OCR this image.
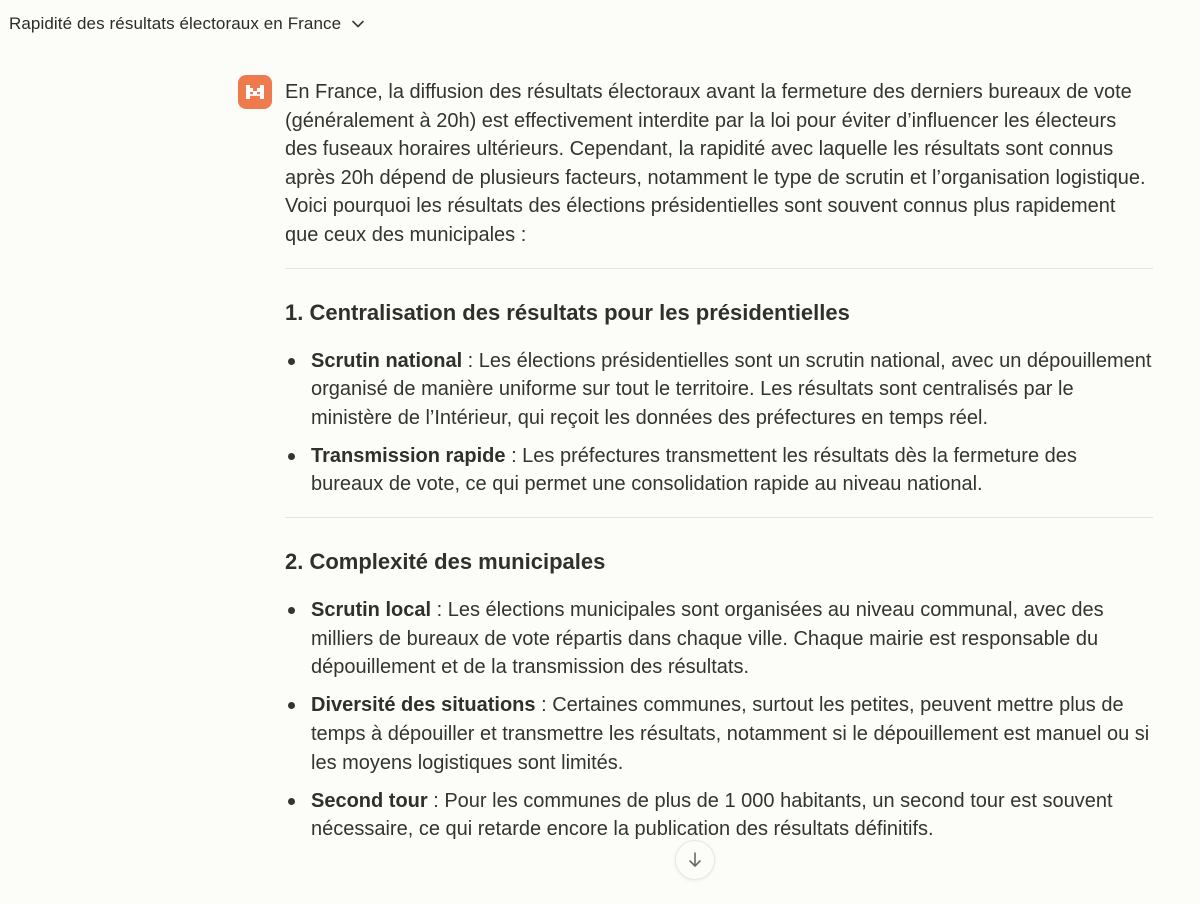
Rapidité des résultats électoraux en France

En France, la diffusion des résultats électoraux avant la fermeture des derniers bureaux de vote (généralement à 20h) est effectivement interdite par la loi pour éviter d’influencer les électeurs des fuseaux horaires ultérieurs. Cependant, la rapidité avec laquelle les résultats sont connus après 20h dépend de plusieurs facteurs, notamment le type de scrutin et l’organisation logistique. Voici pourquoi les résultats des élections présidentielles sont souvent connus plus rapidement que ceux des municipales :

1. Centralisation des résultats pour les présidentielles
Scrutin national : Les élections présidentielles sont un scrutin national, avec un dépouillement organisé de manière uniforme sur tout le territoire. Les résultats sont centralisés par le ministère de l’Intérieur, qui reçoit les données des préfectures en temps réel.
Transmission rapide : Les préfectures transmettent les résultats dès la fermeture des bureaux de vote, ce qui permet une consolidation rapide au niveau national.
2. Complexité des municipales
Scrutin local : Les élections municipales sont organisées au niveau communal, avec des milliers de bureaux de vote répartis dans chaque ville. Chaque mairie est responsable du dépouillement et de la transmission des résultats.
Diversité des situations : Certaines communes, surtout les petites, peuvent mettre plus de temps à dépouiller et transmettre les résultats, notamment si le dépouillement est manuel ou si les moyens logistiques sont limités.
Second tour : Pour les communes de plus de 1 000 habitants, un second tour est souvent nécessaire, ce qui retarde encore la publication des résultats définitifs.
